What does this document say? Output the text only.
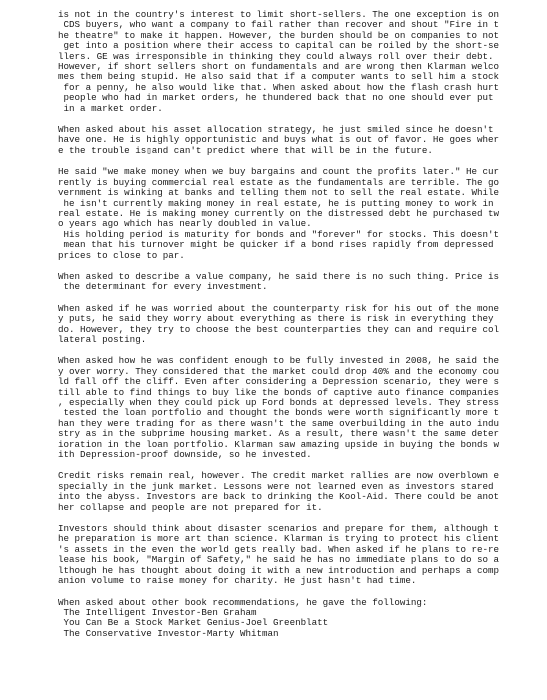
is not in the country's interest to limit short-sellers. The one exception is on
CDS buyers, who want a company to fail rather than recover and shout "Fire in t
he theatre" to make it happen. However, the burden should be on companies to not
get into a position where their access to capital can be roiled by the short-se
llers. GE was irresponsible in thinking they could always roll over their debt.
However, if short sellers short on fundamentals and are wrong then Klarman welco
mes them being stupid. He also said that if a computer wants to sell him a stock
for a penny, he also would like that. When asked about how the flash crash hurt
people who had in market orders, he thundered back that no one should ever put
in a market order.
When asked about his asset allocation strategy, he just smiled since he doesn't
have one. He is highly opportunistic and buys what is out of favor. He goes wher
e the trouble is▯and can't predict where that will be in the future.
He said "we make money when we buy bargains and count the profits later." He cur
rently is buying commercial real estate as the fundamentals are terrible. The go
vernment is winking at banks and telling them not to sell the real estate. While
he isn't currently making money in real estate, he is putting money to work in
real estate. He is making money currently on the distressed debt he purchased tw
o years ago which has nearly doubled in value.
His holding period is maturity for bonds and "forever" for stocks. This doesn't
mean that his turnover might be quicker if a bond rises rapidly from depressed
prices to close to par.
When asked to describe a value company, he said there is no such thing. Price is
the determinant for every investment.
When asked if he was worried about the counterparty risk for his out of the mone
y puts, he said they worry about everything as there is risk in everything they
do. However, they try to choose the best counterparties they can and require col
lateral posting.
When asked how he was confident enough to be fully invested in 2008, he said the
y over worry. They considered that the market could drop 40% and the economy cou
ld fall off the cliff. Even after considering a Depression scenario, they were s
till able to find things to buy like the bonds of captive auto finance companies
, especially when they could pick up Ford bonds at depressed levels. They stress
tested the loan portfolio and thought the bonds were worth significantly more t
han they were trading for as there wasn't the same overbuilding in the auto indu
stry as in the subprime housing market. As a result, there wasn't the same deter
ioration in the loan portfolio. Klarman saw amazing upside in buying the bonds w
ith Depression-proof downside, so he invested.
Credit risks remain real, however. The credit market rallies are now overblown e
specially in the junk market. Lessons were not learned even as investors stared
into the abyss. Investors are back to drinking the Kool-Aid. There could be anot
her collapse and people are not prepared for it.
Investors should think about disaster scenarios and prepare for them, although t
he preparation is more art than science. Klarman is trying to protect his client
's assets in the even the world gets really bad. When asked if he plans to re-re
lease his book, "Margin of Safety," he said he has no immediate plans to do so a
lthough he has thought about doing it with a new introduction and perhaps a comp
anion volume to raise money for charity. He just hasn't had time.
When asked about other book recommendations, he gave the following:
The Intelligent Investor-Ben Graham
You Can Be a Stock Market Genius-Joel Greenblatt
The Conservative Investor-Marty Whitman
